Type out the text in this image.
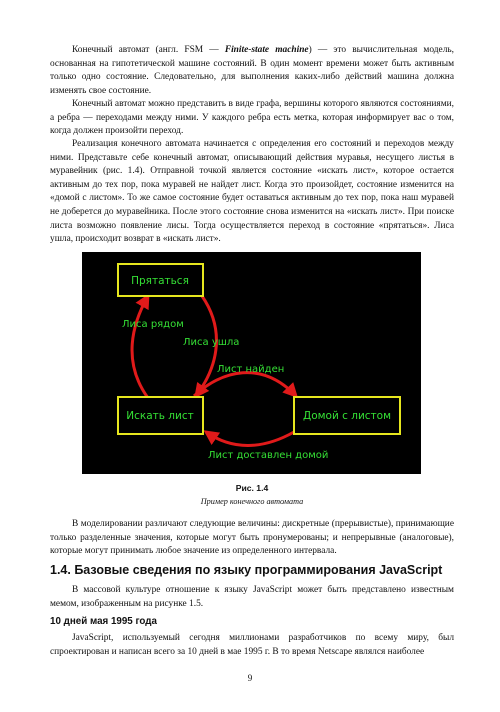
Конечный автомат (англ. FSM — Finite-state machine) — это вычислительная модель, основанная на гипотетической машине состояний. В один момент времени может быть активным только одно состояние. Следовательно, для выполнения каких-либо действий машина должна изменять свое состояние.

Конечный автомат можно представить в виде графа, вершины которого являются состояниями, а ребра — переходами между ними. У каждого ребра есть метка, которая информирует вас о том, когда должен произойти переход.

Реализация конечного автомата начинается с определения его состояний и переходов между ними. Представьте себе конечный автомат, описывающий действия муравья, несущего листья в муравейник (рис. 1.4). Отправной точкой является состояние «искать лист», которое остается активным до тех пор, пока муравей не найдет лист. Когда это произойдет, состояние изменится на «домой с листом». То же самое состояние будет оставаться активным до тех пор, пока наш муравей не доберется до муравейника. После этого состояние снова изменится на «искать лист». При поиске листа возможно появление лисы. Тогда осуществляется переход в состояние «прятаться». Лиса ушла, происходит возврат в «искать лист».

Прятаться
Искать лист	Домой с листом
Лиса рядом
Лиса ушла
Лист найден
Лист доставлен домой

Рис. 1.4

Пример конечного автомата

В моделировании различают следующие величины: дискретные (прерывистые), принимающие только разделенные значения, которые могут быть пронумерованы; и непрерывные (аналоговые), которые могут принимать любое значение из определенного интервала.

1.4. Базовые сведения по языку программирования JavaScript

В массовой культуре отношение к языку JavaScript может быть представлено известным мемом, изображенным на рисунке 1.5.

10 дней мая 1995 года

JavaScript, используемый сегодня миллионами разработчиков по всему миру, был спроектирован и написан всего за 10 дней в мае 1995 г. В то время Netscape являлся наиболее

9
